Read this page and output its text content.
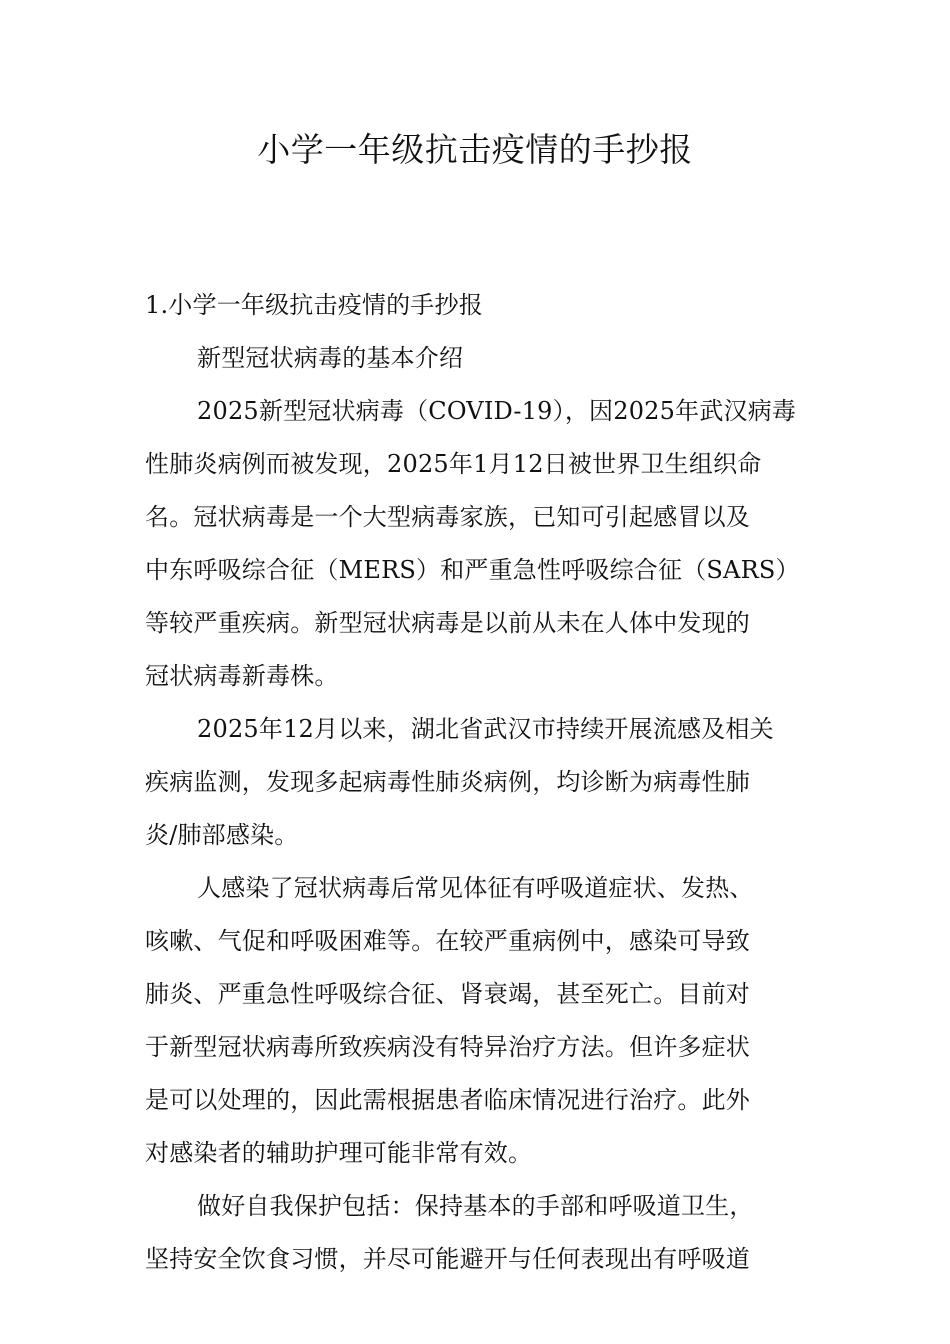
小学一年级抗击疫情的手抄报

1.小学一年级抗击疫情的手抄报

新型冠状病毒的基本介绍

2025新型冠状病毒（COVID-19），因2025年武汉病毒

性肺炎病例而被发现，2025年1月12日被世界卫生组织命

名。冠状病毒是一个大型病毒家族，已知可引起感冒以及

中东呼吸综合征（MERS）和严重急性呼吸综合征（SARS）

等较严重疾病。新型冠状病毒是以前从未在人体中发现的

冠状病毒新毒株。

2025年12月以来，湖北省武汉市持续开展流感及相关

疾病监测，发现多起病毒性肺炎病例，均诊断为病毒性肺

炎/肺部感染。

人感染了冠状病毒后常见体征有呼吸道症状、发热、

咳嗽、气促和呼吸困难等。在较严重病例中，感染可导致

肺炎、严重急性呼吸综合征、肾衰竭，甚至死亡。目前对

于新型冠状病毒所致疾病没有特异治疗方法。但许多症状

是可以处理的，因此需根据患者临床情况进行治疗。此外

对感染者的辅助护理可能非常有效。

做好自我保护包括：保持基本的手部和呼吸道卫生，

坚持安全饮食习惯，并尽可能避开与任何表现出有呼吸道
